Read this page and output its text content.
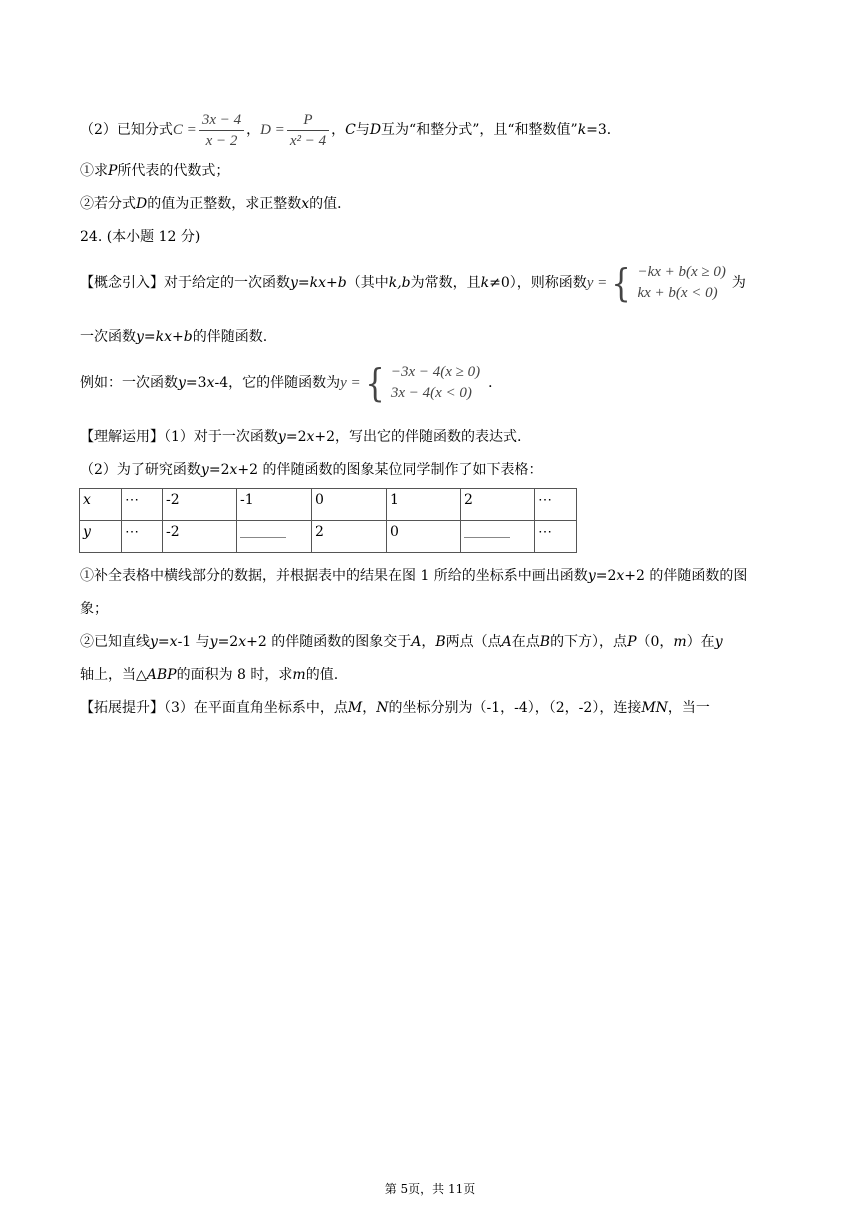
（2）已知分式$C = \frac{3x - 4}{x - 2}$ ，$D = \frac{P}{\text{x² − 4}}$ ，C与D互为“和整分式”，且“和整数值”k=3．
①求P所代表的代数式；
②若分式D的值为正整数，求正整数x的值．
24. (本小题 12 分)
【概念引入】对于给定的一次函数y=kx+b（其中k,b为常数，且k≠0），则称函数 y = { −kx + b(x ≥ 0)
kx + b(x < 0)
为
一次函数y=kx+b的伴随函数.
例如：一次函数y=3x-4，它的伴随函数为 y = { −3x − 4(x ≥ 0)
3x − 4(x < 0)
．
【理解运用】（1）对于一次函数y=2x+2，写出它的伴随函数的表达式.
（2）为了研究函数y=2x+2 的伴随函数的图象某位同学制作了如下表格：
x	⋯	-2	-1	0	1	2	⋯
y	⋯	-2		2	0		⋯
①补全表格中横线部分的数据，并根据表中的结果在图 1 所给的坐标系中画出函数y=2x+2 的伴随函数的图
象；
②已知直线y=x-1 与y=2x+2 的伴随函数的图象交于A，B两点（点A在点B的下方），点P（0，m）在y
轴上，当△ABP的面积为 8 时，求m的值.
【拓展提升】（3）在平面直角坐标系中，点M，N的坐标分别为（-1，-4），（2，-2），连接MN，当一
第 5页，共 11页
